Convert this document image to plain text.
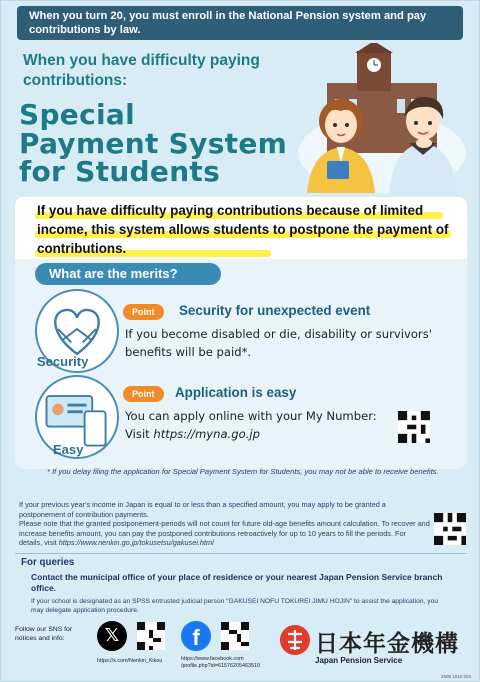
When you turn 20, you must enroll in the National Pension system and pay contributions by law.
When you have difficulty paying contributions:
Special
Payment System
for Students

If you have difficulty paying contributions because of limited income, this system allows students to postpone the payment of contributions.

What are the merits?
Security
Point	Security for unexpected event
If you become disabled or die, disability or survivors' benefits will be paid*.
Easy
Point	Application is easy
You can apply online with your My Number:
Visit https://myna.go.jp
* If you delay filing the application for Special Payment System for Students, you may not be able to receive benefits.
If your previous year's income in Japan is equal to or less than a specified amount, you may apply to be granted a postponement of contribution payments.
Please note that the granted postponement-periods will not count for future old-age benefits amount calculation. To recover and increase benefits amount, you can pay the postponed contributions retroactively for up to 10 years to fill the periods. For details, visit https://www.nenkin.go.jp/tokusetsu/gakusei.html
For queries
Contact the municipal office of your place of residence or your nearest Japan Pension Service branch office.
If your school is designated as an SPSS entrusted judicial person "GAKUSEI NOFU TOKUREI JIMU HOJIN" to assist the application, you may delegate application procedure.
Follow our SNS for notices and info:	𝕏
https://x.com/Nenkin_Kikou
f
https://www.facebook.com /profile.php?id=61576205463510
日本年金機構
Japan Pension Service
2505 1010 003
